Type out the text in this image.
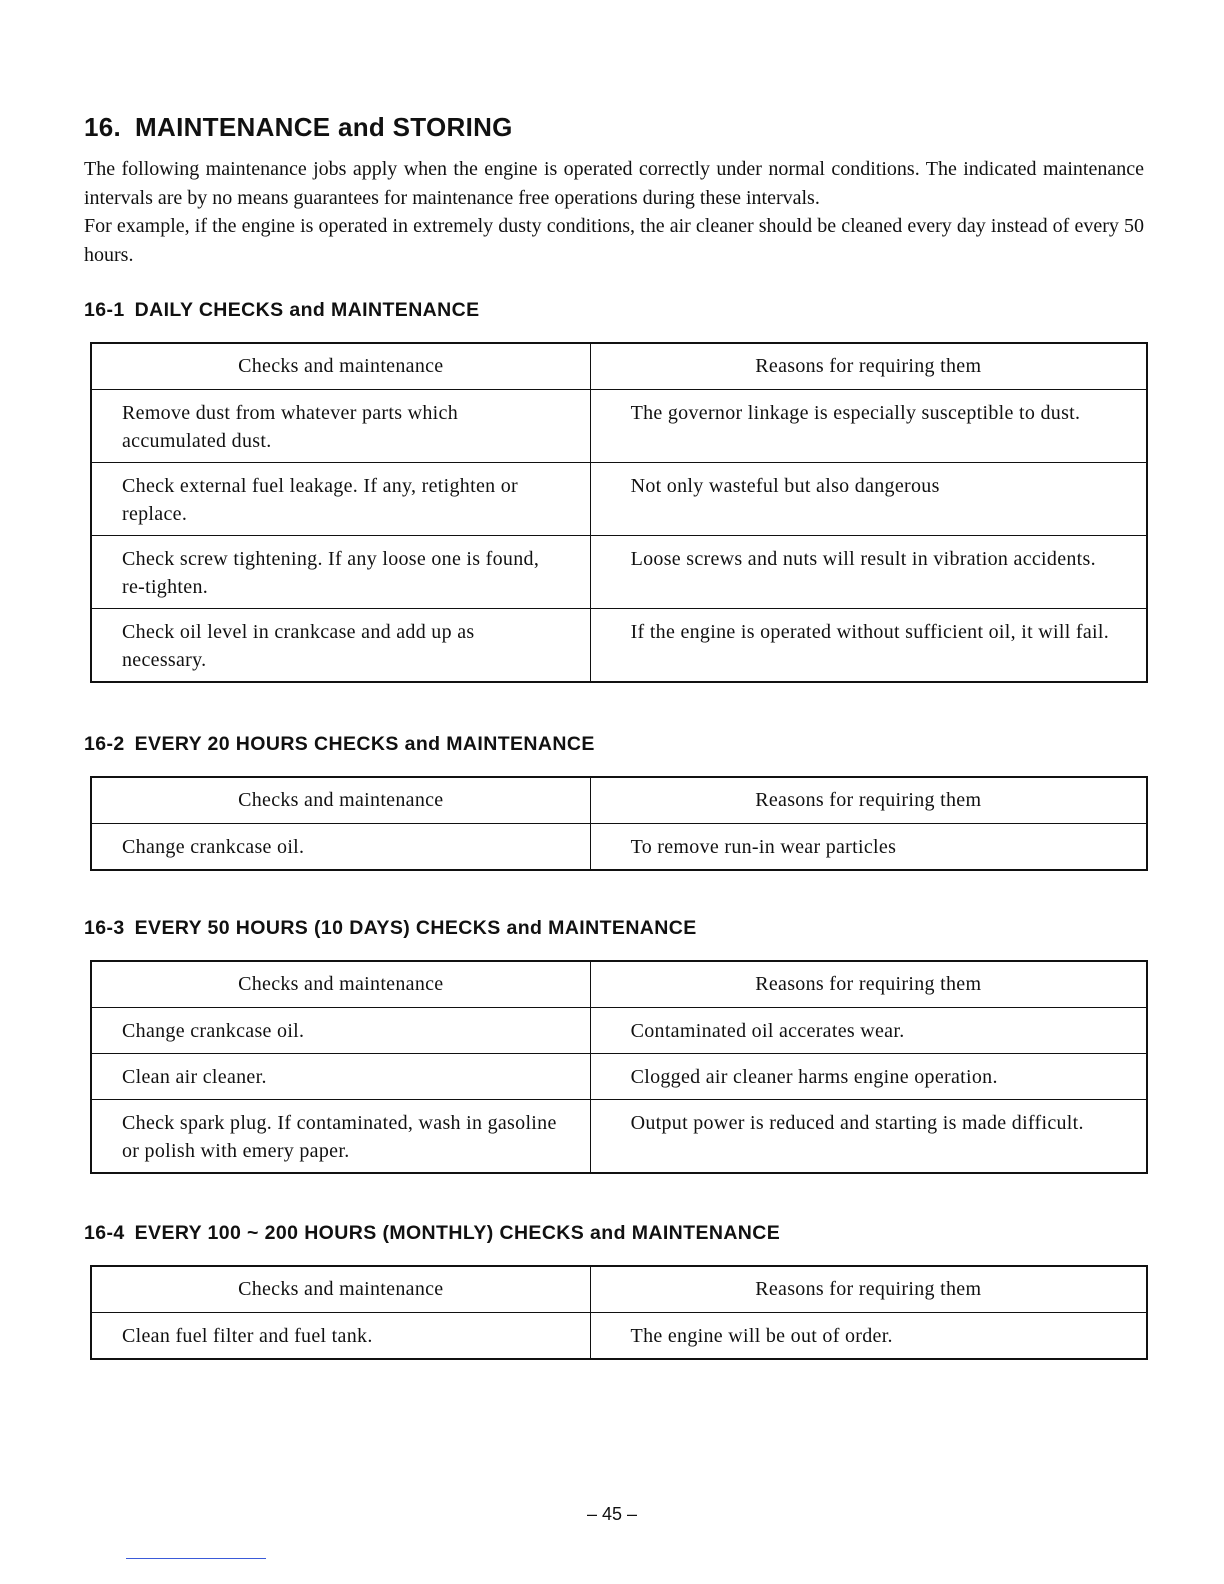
16. MAINTENANCE and STORING

The following maintenance jobs apply when the engine is operated correctly under normal conditions. The indicated maintenance intervals are by no means guarantees for maintenance free operations during these intervals.

For example, if the engine is operated in extremely dusty conditions, the air cleaner should be cleaned every day instead of every 50 hours.

16-1 DAILY CHECKS and MAINTENANCE
Checks and maintenance	Reasons for requiring them
Remove dust from whatever parts which accumulated dust.	The governor linkage is especially susceptible to dust.
Check external fuel leakage. If any, retighten or replace.	Not only wasteful but also dangerous
Check screw tightening. If any loose one is found, re-tighten.	Loose screws and nuts will result in vibration accidents.
Check oil level in crankcase and add up as necessary.	If the engine is operated without sufficient oil, it will fail.
16-2 EVERY 20 HOURS CHECKS and MAINTENANCE
Checks and maintenance	Reasons for requiring them
Change crankcase oil.	To remove run-in wear particles
16-3 EVERY 50 HOURS (10 DAYS) CHECKS and MAINTENANCE
Checks and maintenance	Reasons for requiring them
Change crankcase oil.	Contaminated oil accerates wear.
Clean air cleaner.	Clogged air cleaner harms engine operation.
Check spark plug. If contaminated, wash in gasoline or polish with emery paper.	Output power is reduced and starting is made difficult.
16-4 EVERY 100 ~ 200 HOURS (MONTHLY) CHECKS and MAINTENANCE
Checks and maintenance	Reasons for requiring them
Clean fuel filter and fuel tank.	The engine will be out of order.
– 45 –
